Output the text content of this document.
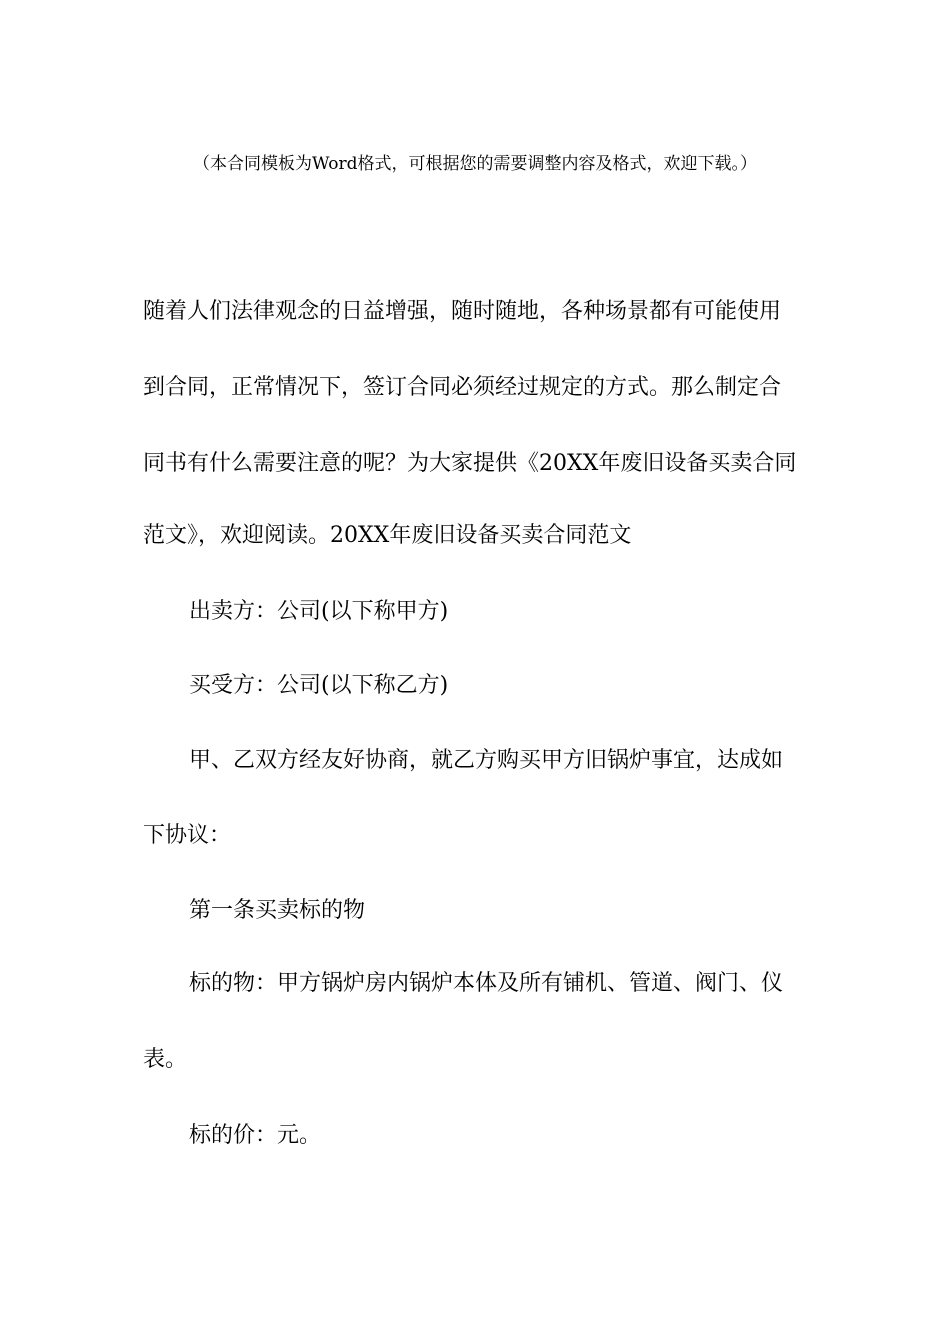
（本合同模板为Word格式，可根据您的需要调整内容及格式，欢迎下载。）
随着人们法律观念的日益增强，随时随地，各种场景都有可能使用
到合同，正常情况下，签订合同必须经过规定的方式。那么制定合
同书有什么需要注意的呢？为大家提供《20XX年废旧设备买卖合同
范文》，欢迎阅读。20XX年废旧设备买卖合同范文
出卖方：公司(以下称甲方)
买受方：公司(以下称乙方)
甲、乙双方经友好协商，就乙方购买甲方旧锅炉事宜，达成如
下协议：
第一条买卖标的物
标的物：甲方锅炉房内锅炉本体及所有铺机、管道、阀门、仪
表。
标的价：元。
